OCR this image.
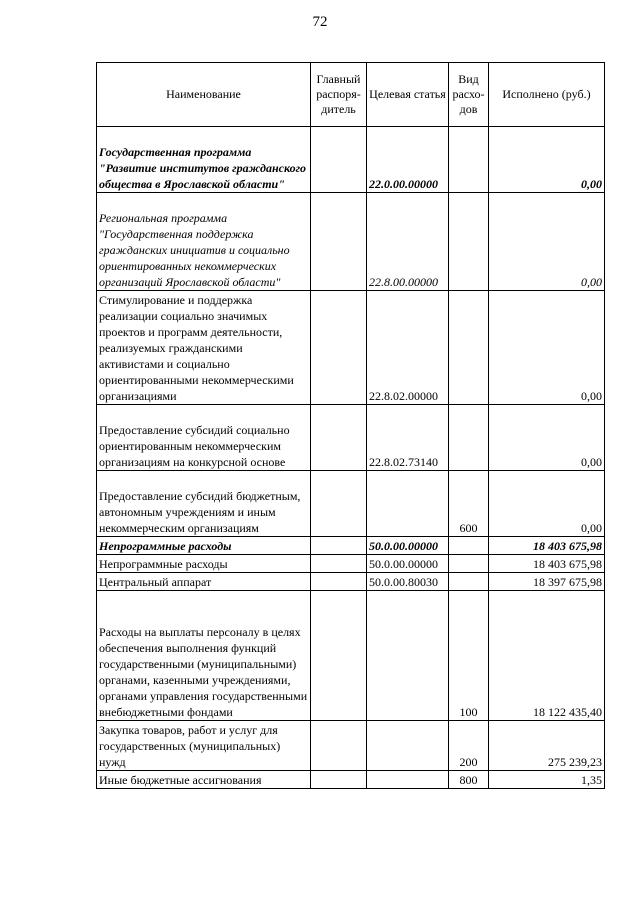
72
Наименование	Главный распоря-дитель	Целевая статья	Вид расхо-дов	Исполнено (руб.)
Государственная программа "Развитие институтов гражданского общества в Ярославской области"		22.0.00.00000		0,00
Региональная программа "Государственная поддержка гражданских инициатив и социально ориентированных некоммерческих организаций Ярославской области"		22.8.00.00000		0,00
Стимулирование и поддержка реализации социально значимых проектов и программ деятельности, реализуемых гражданскими активистами и социально ориентированными некоммерческими организациями		22.8.02.00000		0,00
Предоставление субсидий социально ориентированным некоммерческим организациям на конкурсной основе		22.8.02.73140		0,00
Предоставление субсидий бюджетным, автономным учреждениям и иным некоммерческим организациям			600	0,00
Непрограммные расходы		50.0.00.00000		18 403 675,98
Непрограммные расходы		50.0.00.00000		18 403 675,98
Центральный аппарат		50.0.00.80030		18 397 675,98
Расходы на выплаты персоналу в целях обеспечения выполнения функций государственными (муниципальными) органами, казенными учреждениями, органами управления государственными внебюджетными фондами			100	18 122 435,40
Закупка товаров, работ и услуг для государственных (муниципальных) нужд			200	275 239,23
Иные бюджетные ассигнования			800	1,35
